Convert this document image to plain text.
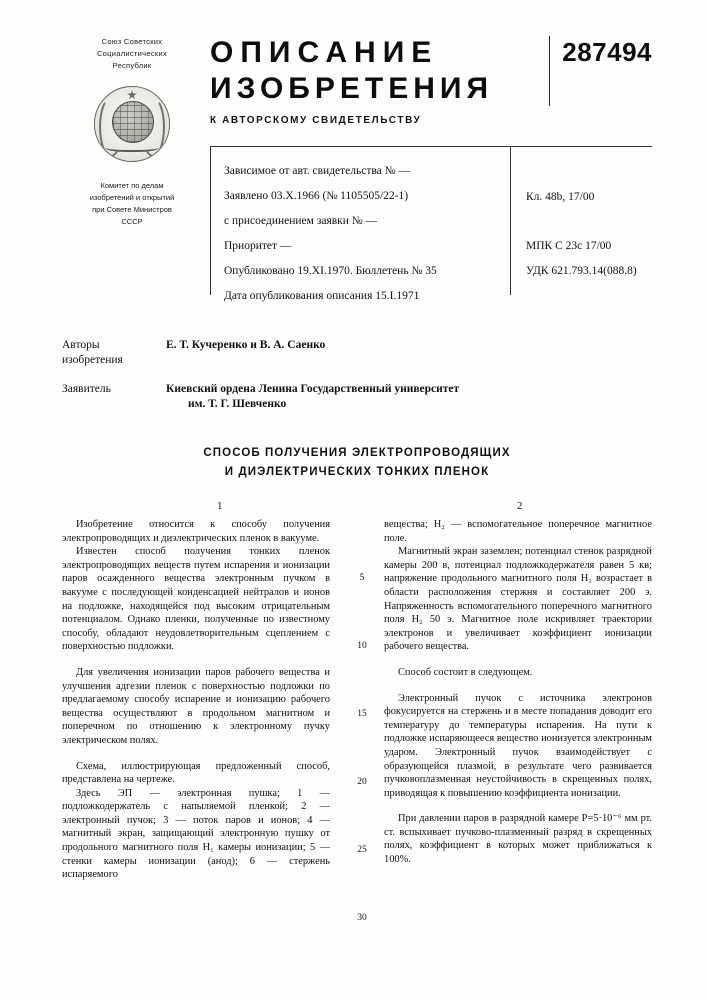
Союз Советских
Социалистических
Республик
Комитет по делам
изобретений и открытий
при Совете Министров
СССР
ОПИСАНИЕ
ИЗОБРЕТЕНИЯ
287494
К АВТОРСКОМУ СВИДЕТЕЛЬСТВУ
Зависимое от авт. свидетельства № —
Заявлено 03.X.1966 (№ 1105505/22-1)
с присоединением заявки № —
Приоритет —
Опубликовано 19.XI.1970. Бюллетень № 35
Дата опубликования описания 15.I.1971
Кл. 48b, 17/00
МПК С 23с 17/00
УДК 621.793.14(088.8)
Авторы
изобретения
Е. Т. Кучеренко и В. А. Саенко
Заявитель	Киевский ордена Ленина Государственный университет
им. Т. Г. Шевченко
СПОСОБ ПОЛУЧЕНИЯ ЭЛЕКТРОПРОВОДЯЩИХ
И ДИЭЛЕКТРИЧЕСКИХ ТОНКИХ ПЛЕНОК
1	2

Изобретение относится к способу получения электропроводящих и диэлектрических пленок в вакууме.

Известен способ получения тонких пленок электропроводящих веществ путем испарения и ионизации паров осажденного вещества электронным пучком в вакууме с последующей конденсацией нейтралов и ионов на подложке, находящейся под высоким отрицательным потенциалом. Однако пленки, полученные по известному способу, обладают неудовлетворительным сцеплением с поверхностью подложки.

Для увеличения ионизации паров рабочего вещества и улучшения адгезии пленок с поверхностью подложки по предлагаемому способу испарение и ионизацию рабочего вещества осуществляют в продольном магнитном и поперечном по отношению к электронному пучку электрическом полях.

Схема, иллюстрирующая предложенный способ, представлена на чертеже.

Здесь ЭП — электронная пушка; 1 — подложкодержатель с напыляемой пленкой; 2 — электронный пучок; 3 — поток паров и ионов; 4 — магнитный экран, защищающий электронную пушку от продольного магнитного поля H₁ камеры ионизации; 5 — стенки камеры ионизации (анод); 6 — стержень испаряемого

5
10
15
20
25
30

вещества; H₂ — вспомогательное поперечное магнитное поле.

Магнитный экран заземлен; потенциал стенок разрядной камеры 200 в, потенциал подложкодержателя равен 5 кв; напряжение продольного магнитного поля H₁ возрастает в области расположения стержня и составляет 200 э. Напряженность вспомогательного поперечного магнитного поля H₂ 50 э. Магнитное поле искривляет траектории электронов и увеличивает коэффициент ионизации рабочего вещества.

Способ состоит в следующем.

Электронный пучок с источника электронов фокусируется на стержень и в месте попадания доводит его температуру до температуры испарения. На пути к подложке испаряющееся вещество ионизуется электронным ударом. Электронный пучок взаимодействует с образующейся плазмой, в результате чего развивается пучковоплазменная неустойчивость в скрещенных полях, приводящая к повышению коэффициента ионизации.

При давлении паров в разрядной камере P=5·10⁻⁶ мм рт. ст. вспыхивает пучково-плазменный разряд в скрещенных полях, коэффициент в которых может приближаться к 100%.
